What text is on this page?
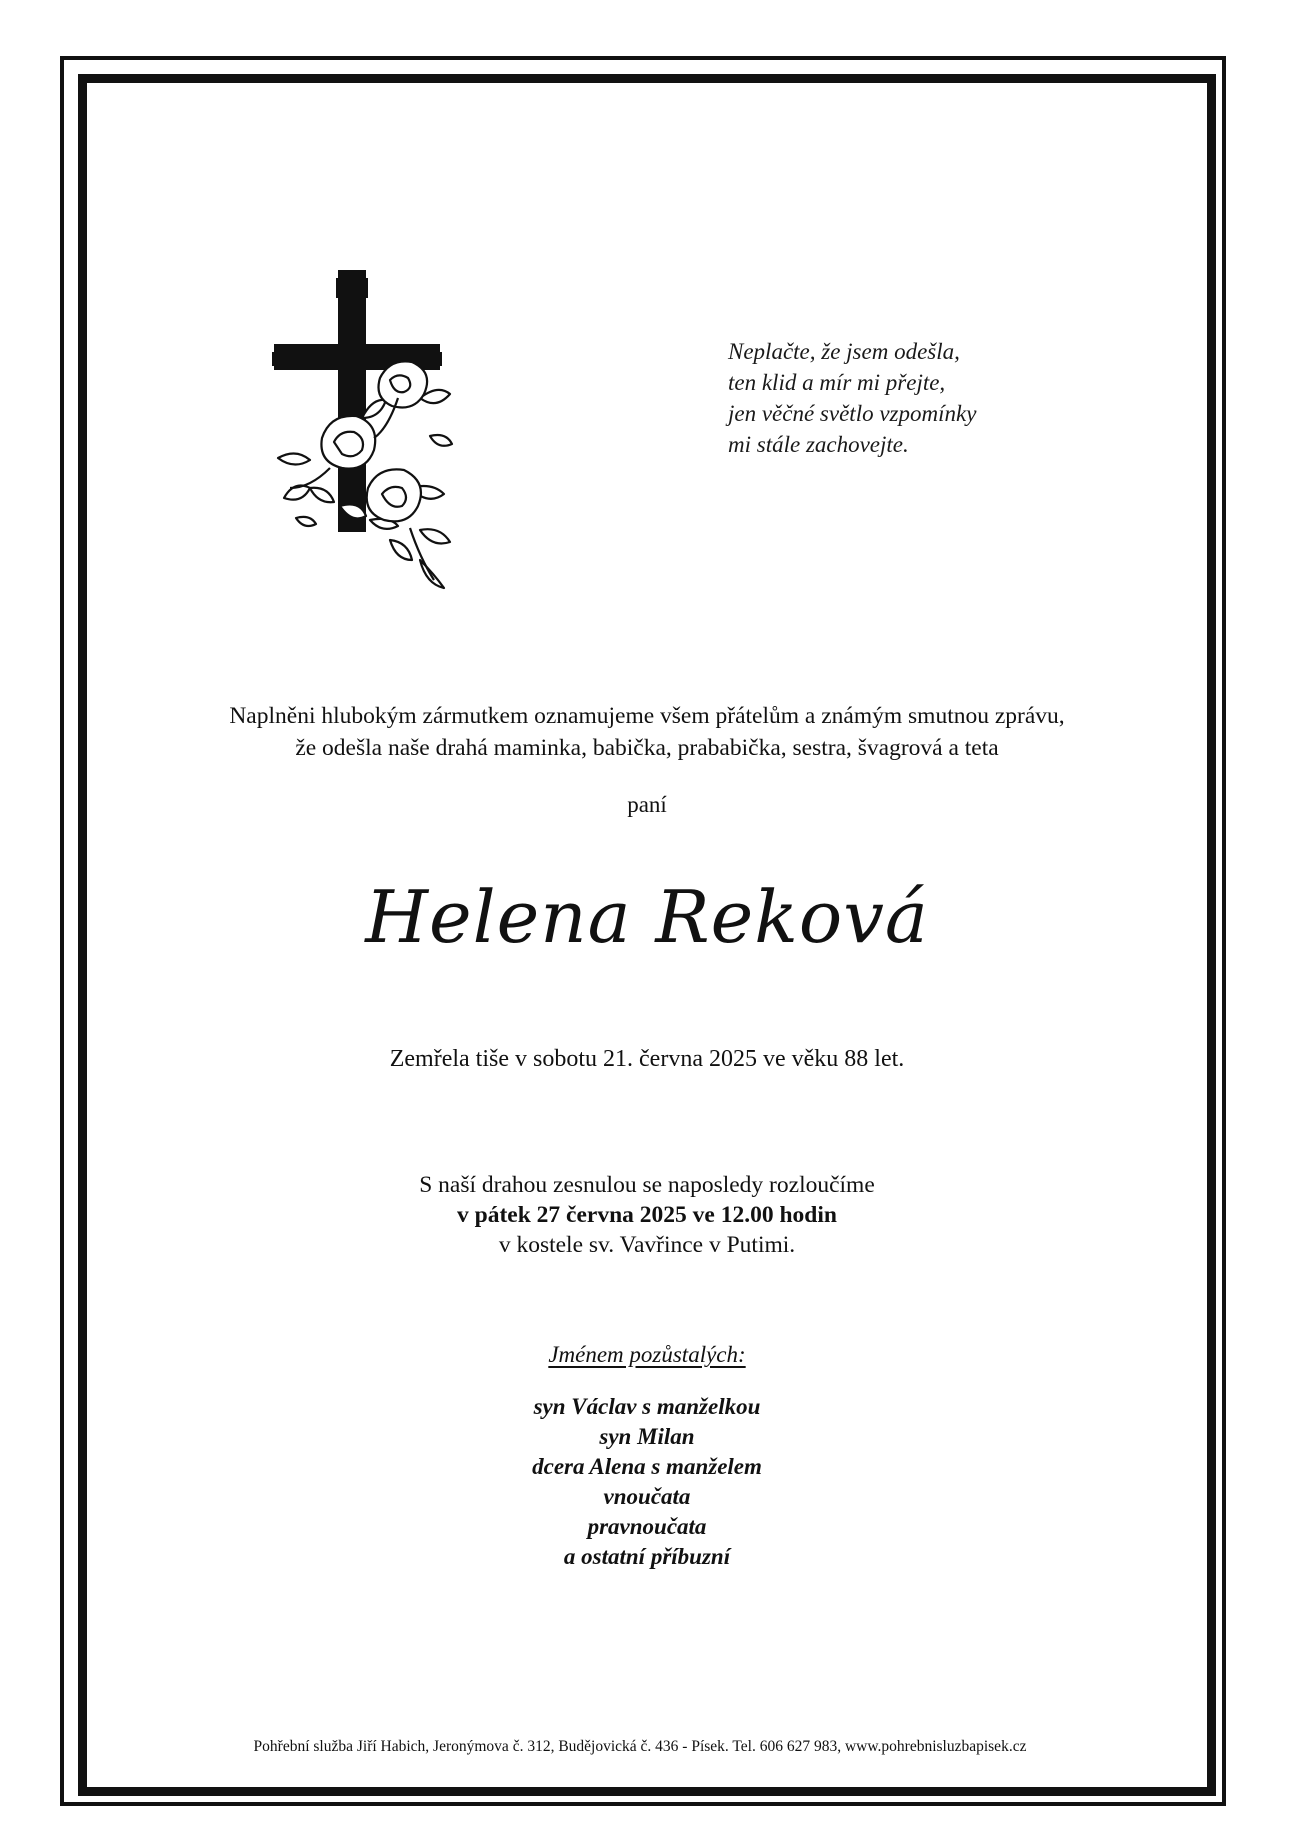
Neplačte, že jsem odešla,
ten klid a mír mi přejte,
jen věčné světlo vzpomínky
mi stále zachovejte.
Naplněni hlubokým zármutkem oznamujeme všem přátelům a známým smutnou zprávu,
že odešla naše drahá maminka, babička, prababička, sestra, švagrová a teta
paní
Helena Reková
Zemřela tiše v sobotu 21. června 2025 ve věku 88 let.
S naší drahou zesnulou se naposledy rozloučíme
v pátek 27 června 2025 ve 12.00 hodin
v kostele sv. Vavřince v Putimi.
Jménem pozůstalých:
syn Václav s manželkou
syn Milan
dcera Alena s manželem
vnoučata
pravnoučata
a ostatní příbuzní
Pohřební služba Jiří Habich, Jeronýmova č. 312, Budějovická č. 436 - Písek. Tel. 606 627 983, www.pohrebnisluzbapisek.cz
